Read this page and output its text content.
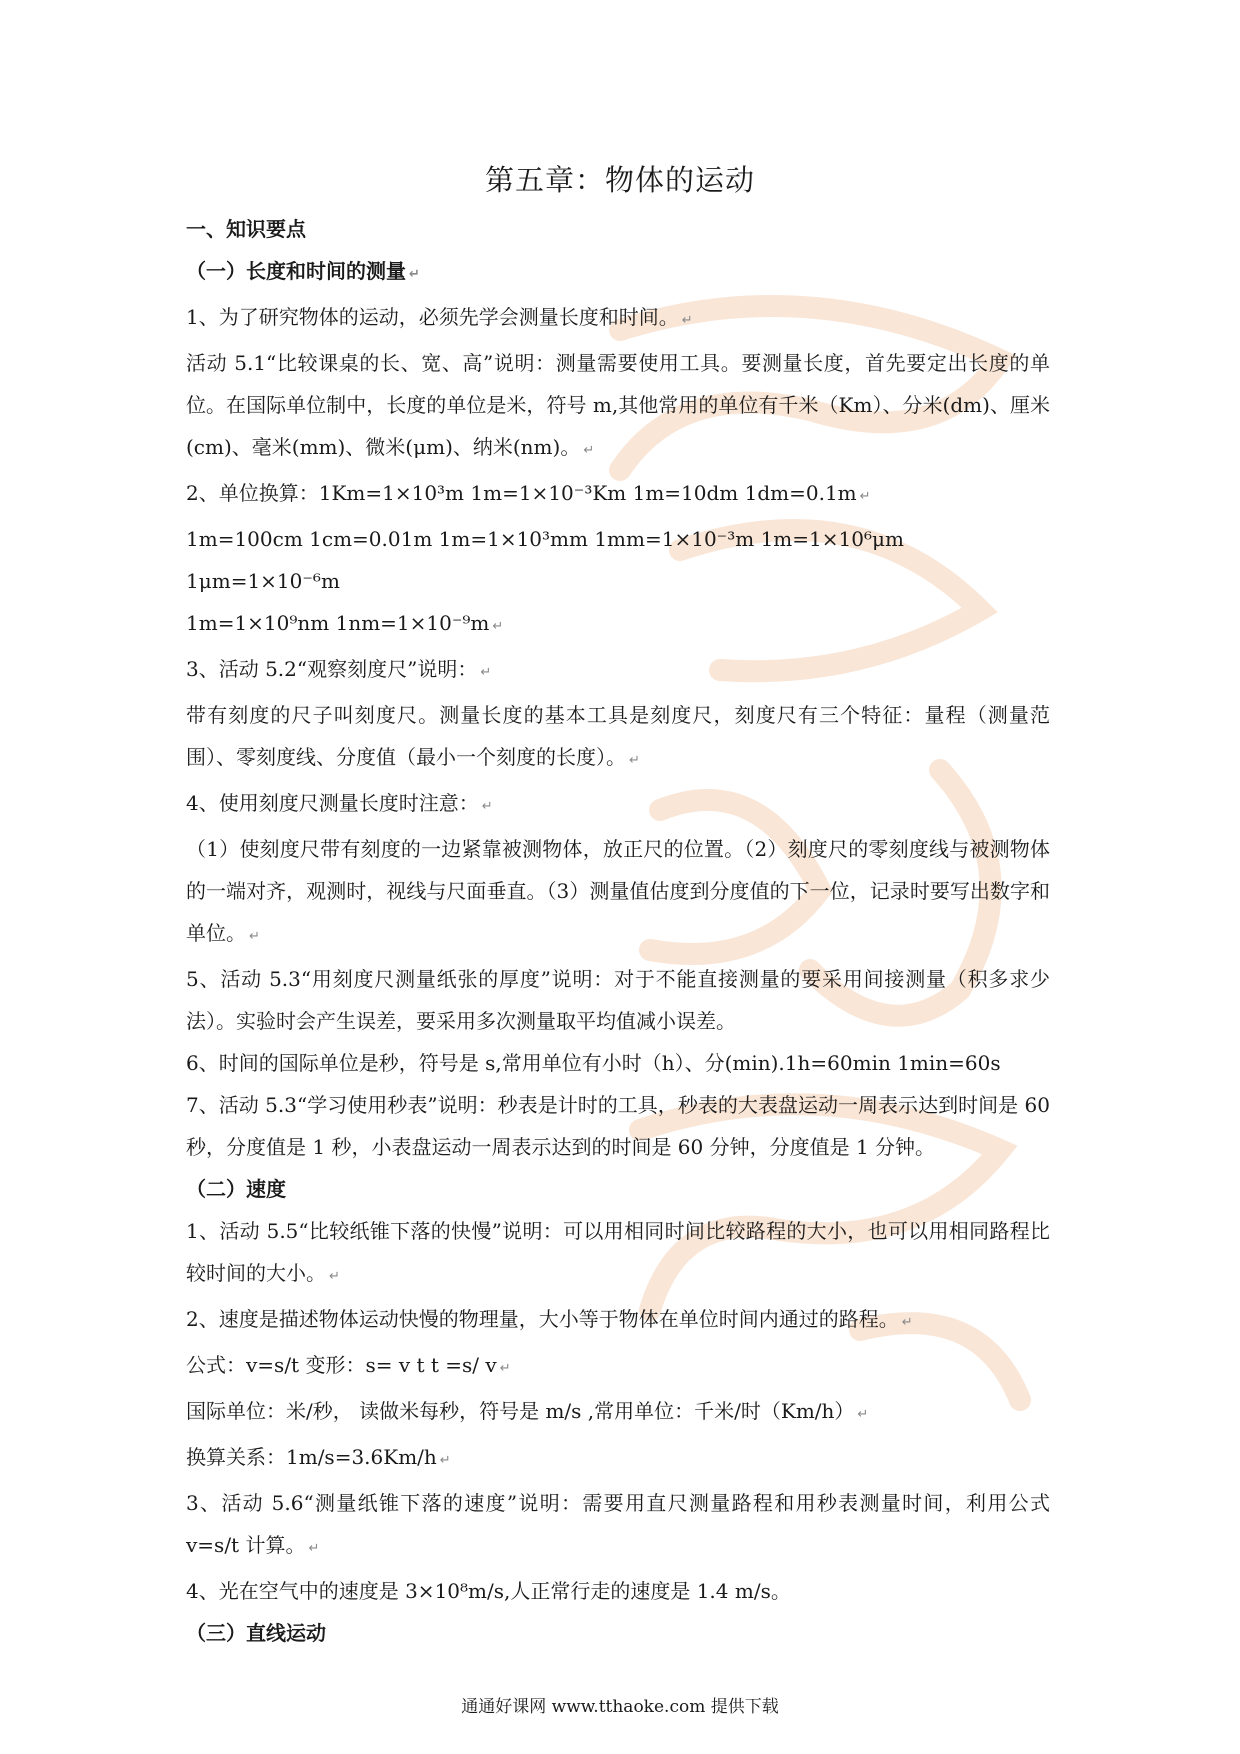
第五章：物体的运动

一、知识要点

（一）长度和时间的测量 ↵

1、为了研究物体的运动，必须先学会测量长度和时间。 ↵

活动 5.1“比较课桌的长、宽、高”说明：测量需要使用工具。要测量长度，首先要定出长度的单位。在国际单位制中，长度的单位是米，符号 m,其他常用的单位有千米（Km）、分米(dm)、厘米(cm)、毫米(mm)、微米(μm)、纳米(nm)。 ↵

2、单位换算：1Km=1×10³m 1m=1×10⁻³Km 1m=10dm 1dm=0.1m ↵

1m=100cm 1cm=0.01m 1m=1×10³mm 1mm=1×10⁻³m 1m=1×10⁶μm 1μm=1×10⁻⁶m

1m=1×10⁹nm 1nm=1×10⁻⁹m ↵

3、活动 5.2“观察刻度尺”说明： ↵

带有刻度的尺子叫刻度尺。测量长度的基本工具是刻度尺，刻度尺有三个特征：量程（测量范围）、零刻度线、分度值（最小一个刻度的长度）。 ↵

4、使用刻度尺测量长度时注意： ↵

（1）使刻度尺带有刻度的一边紧靠被测物体，放正尺的位置。（2）刻度尺的零刻度线与被测物体的一端对齐，观测时，视线与尺面垂直。（3）测量值估度到分度值的下一位，记录时要写出数字和单位。 ↵

5、活动 5.3“用刻度尺测量纸张的厚度”说明：对于不能直接测量的要采用间接测量（积多求少法）。实验时会产生误差，要采用多次测量取平均值减小误差。

6、时间的国际单位是秒，符号是 s,常用单位有小时（h）、分(min).1h=60min 1min=60s

7、活动 5.3“学习使用秒表”说明：秒表是计时的工具，秒表的大表盘运动一周表示达到时间是 60 秒，分度值是 1 秒，小表盘运动一周表示达到的时间是 60 分钟，分度值是 1 分钟。

（二）速度

1、活动 5.5“比较纸锥下落的快慢”说明：可以用相同时间比较路程的大小，也可以用相同路程比较时间的大小。 ↵

2、速度是描述物体运动快慢的物理量，大小等于物体在单位时间内通过的路程。 ↵

公式：v=s/t 变形：s= v t t =s/ v ↵

国际单位：米/秒， 读做米每秒，符号是 m/s ,常用单位：千米/时（Km/h） ↵

换算关系：1m/s=3.6Km/h ↵

3、活动 5.6“测量纸锥下落的速度”说明：需要用直尺测量路程和用秒表测量时间，利用公式 v=s/t 计算。 ↵

4、光在空气中的速度是 3×10⁸m/s,人正常行走的速度是 1.4 m/s。

（三）直线运动

通通好课网 www.tthaoke.com 提供下载
